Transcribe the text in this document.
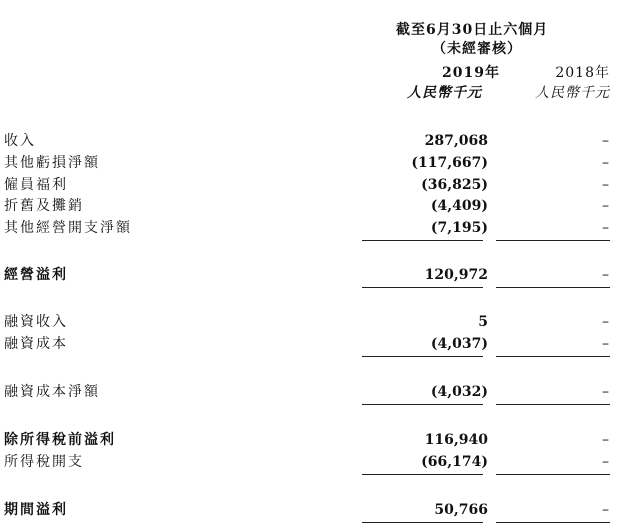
截至6月30日止六個月
（未經審核）
2019年	2018年
人民幣千元	人民幣千元
收入	287,068	–
其他虧損淨額	(117,667)	–
僱員福利	(36,825)	–
折舊及攤銷	(4,409)	–
其他經營開支淨額	(7,195)	–
經營溢利	120,972	–
融資收入	5	–
融資成本	(4,037)	–
融資成本淨額	(4,032)	–
除所得稅前溢利	116,940	–
所得稅開支	(66,174)	–
期間溢利	50,766	–
